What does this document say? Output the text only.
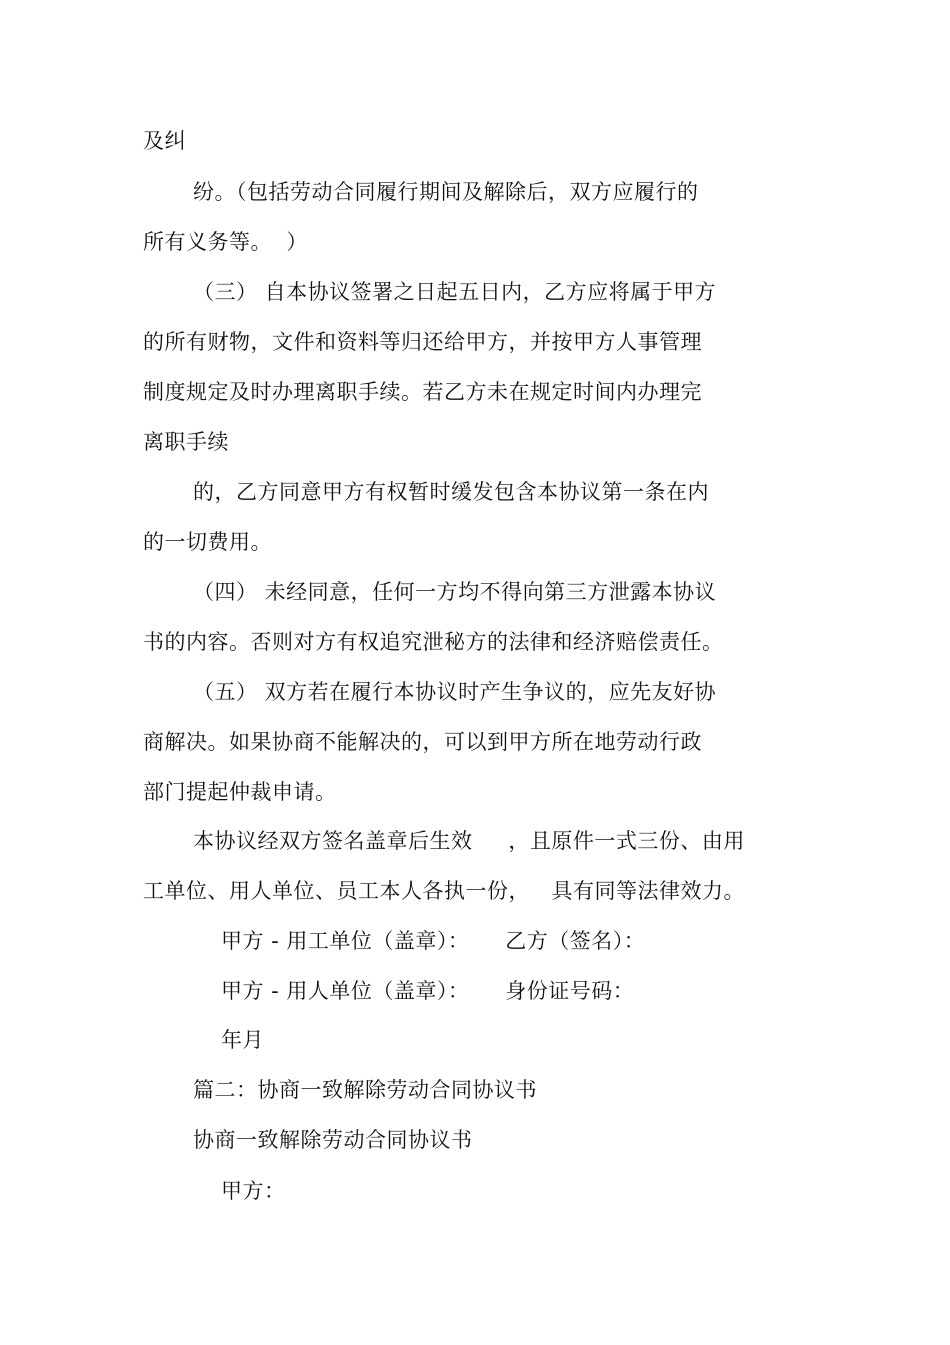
及纠
纷。（包括劳动合同履行期间及解除后，双方应履行的
所有义务等。  ）
（三） 自本协议签署之日起五日内，乙方应将属于甲方
的所有财物，文件和资料等归还给甲方，并按甲方人事管理
制度规定及时办理离职手续。若乙方未在规定时间内办理完
离职手续
的，乙方同意甲方有权暂时缓发包含本协议第一条在内
的一切费用。
（四） 未经同意，任何一方均不得向第三方泄露本协议
书的内容。否则对方有权追究泄秘方的法律和经济赔偿责任。
（五） 双方若在履行本协议时产生争议的，应先友好协
商解决。如果协商不能解决的，可以到甲方所在地劳动行政
部门提起仲裁申请。
本协议经双方签名盖章后生效     ，且原件一式三份、由用
工单位、用人单位、员工本人各执一份，   具有同等法律效力。
甲方 - 用工单位（盖章）：     乙方（签名）：
甲方 - 用人单位（盖章）：     身份证号码：
年月
篇二：协商一致解除劳动合同协议书
协商一致解除劳动合同协议书
甲方：
